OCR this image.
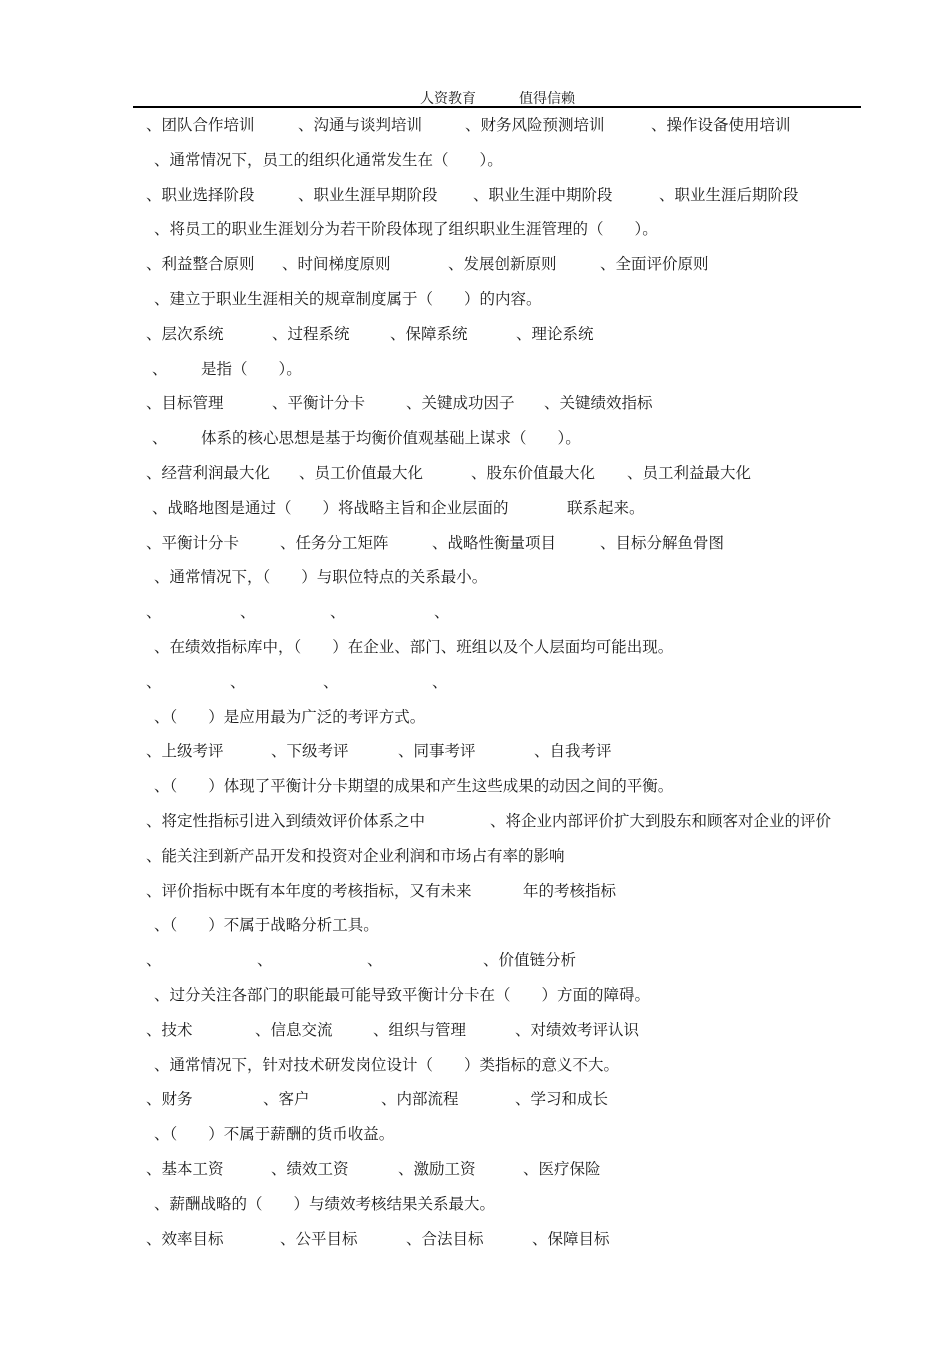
人资教育	值得信赖
、团队合作培训	、沟通与谈判培训	、财务风险预测培训	、操作设备使用培训
、通常情况下，员工的组织化通常发生在（　　）。
、职业选择阶段	、职业生涯早期阶段 、职业生涯中期阶段	、职业生涯后期阶段
、将员工的职业生涯划分为若干阶段体现了组织职业生涯管理的（　　）。
、利益整合原则 、时间梯度原则	、发展创新原则	、全面评价原则
、建立于职业生涯相关的规章制度属于（　　）的内容。
、层次系统	、过程系统	、保障系统	、理论系统
、 是指（　　）。
、目标管理	、平衡计分卡	、关键成功因子 、关键绩效指标
、 体系的核心思想是基于均衡价值观基础上谋求（　　）。
、经营利润最大化 、员工价值最大化	、股东价值最大化 、员工利益最大化
、战略地图是通过（　　）将战略主旨和企业层面的	联系起来。
、平衡计分卡	、任务分工矩阵	、战略性衡量项目	、目标分解鱼骨图
、通常情况下，（　　）与职位特点的关系最小。
、	、	、	、
、在绩效指标库中，（　　）在企业、部门、班组以及个人层面均可能出现。
、	、	、	、
、（　　）是应用最为广泛的考评方式。
、上级考评	、下级考评	、同事考评	、自我考评
、（　　）体现了平衡计分卡期望的成果和产生这些成果的动因之间的平衡。
、将定性指标引进入到绩效评价体系之中	、将企业内部评价扩大到股东和顾客对企业的评价
、能关注到新产品开发和投资对企业利润和市场占有率的影响
、评价指标中既有本年度的考核指标，又有未来	年的考核指标
、（　　）不属于战略分析工具。
、	、	、	、价值链分析
、过分关注各部门的职能最可能导致平衡计分卡在（　　）方面的障碍。
、技术	、信息交流	、组织与管理	、对绩效考评认识
、通常情况下，针对技术研发岗位设计（　　）类指标的意义不大。
、财务	、客户	、内部流程	、学习和成长
、（　　）不属于薪酬的货币收益。
、基本工资	、绩效工资	、激励工资	、医疗保险
、薪酬战略的（　　）与绩效考核结果关系最大。
、效率目标	、公平目标	、合法目标	、保障目标
